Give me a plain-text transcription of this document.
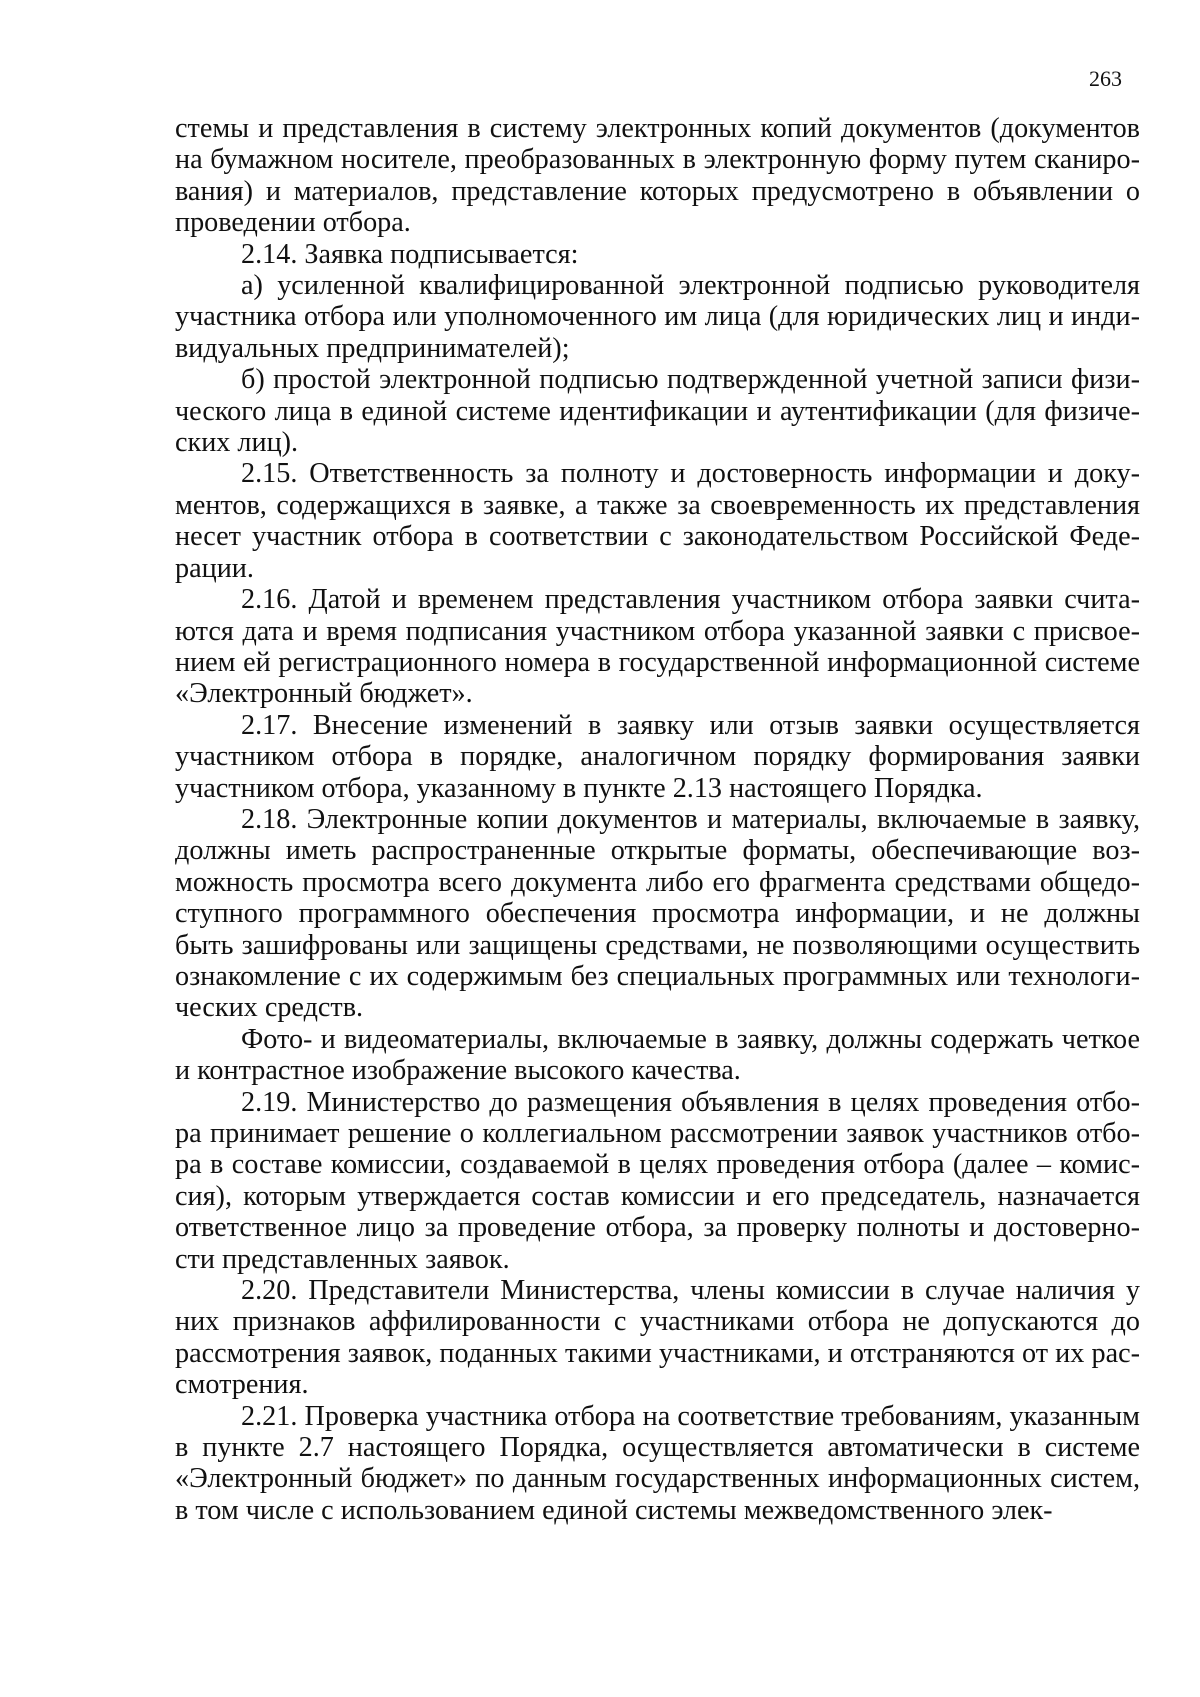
263

стемы и представления в систему электронных копий документов (документов на бумажном носителе, преобразованных в электронную форму путем сканирования) и материалов, представление которых предусмотрено в объявлении о проведении отбора.

2.14. Заявка подписывается:

а) усиленной квалифицированной электронной подписью руководителя участника отбора или уполномоченного им лица (для юридических лиц и индивидуальных предпринимателей);

б) простой электронной подписью подтвержденной учетной записи физического лица в единой системе идентификации и аутентификации (для физических лиц).

2.15. Ответственность за полноту и достоверность информации и документов, содержащихся в заявке, а также за своевременность их представления несет участник отбора в соответствии с законодательством Российской Федерации.

2.16. Датой и временем представления участником отбора заявки считаются дата и время подписания участником отбора указанной заявки с присвоением ей регистрационного номера в государственной информационной системе «Электронный бюджет».

2.17. Внесение изменений в заявку или отзыв заявки осуществляется участником отбора в порядке, аналогичном порядку формирования заявки участником отбора, указанному в пункте 2.13 настоящего Порядка.

2.18. Электронные копии документов и материалы, включаемые в заявку, должны иметь распространенные открытые форматы, обеспечивающие возможность просмотра всего документа либо его фрагмента средствами общедоступного программного обеспечения просмотра информации, и не должны быть зашифрованы или защищены средствами, не позволяющими осуществить ознакомление с их содержимым без специальных программных или технологических средств.

Фото- и видеоматериалы, включаемые в заявку, должны содержать четкое и контрастное изображение высокого качества.

2.19. Министерство до размещения объявления в целях проведения отбора принимает решение о коллегиальном рассмотрении заявок участников отбора в составе комиссии, создаваемой в целях проведения отбора (далее – комиссия), которым утверждается состав комиссии и его председатель, назначается ответственное лицо за проведение отбора, за проверку полноты и достоверности представленных заявок.

2.20. Представители Министерства, члены комиссии в случае наличия у них признаков аффилированности с участниками отбора не допускаются до рассмотрения заявок, поданных такими участниками, и отстраняются от их рассмотрения.

2.21. Проверка участника отбора на соответствие требованиям, указанным в пункте 2.7 настоящего Порядка, осуществляется автоматически в системе «Электронный бюджет» по данным государственных информационных систем, в том числе с использованием единой системы межведомственного элек-
